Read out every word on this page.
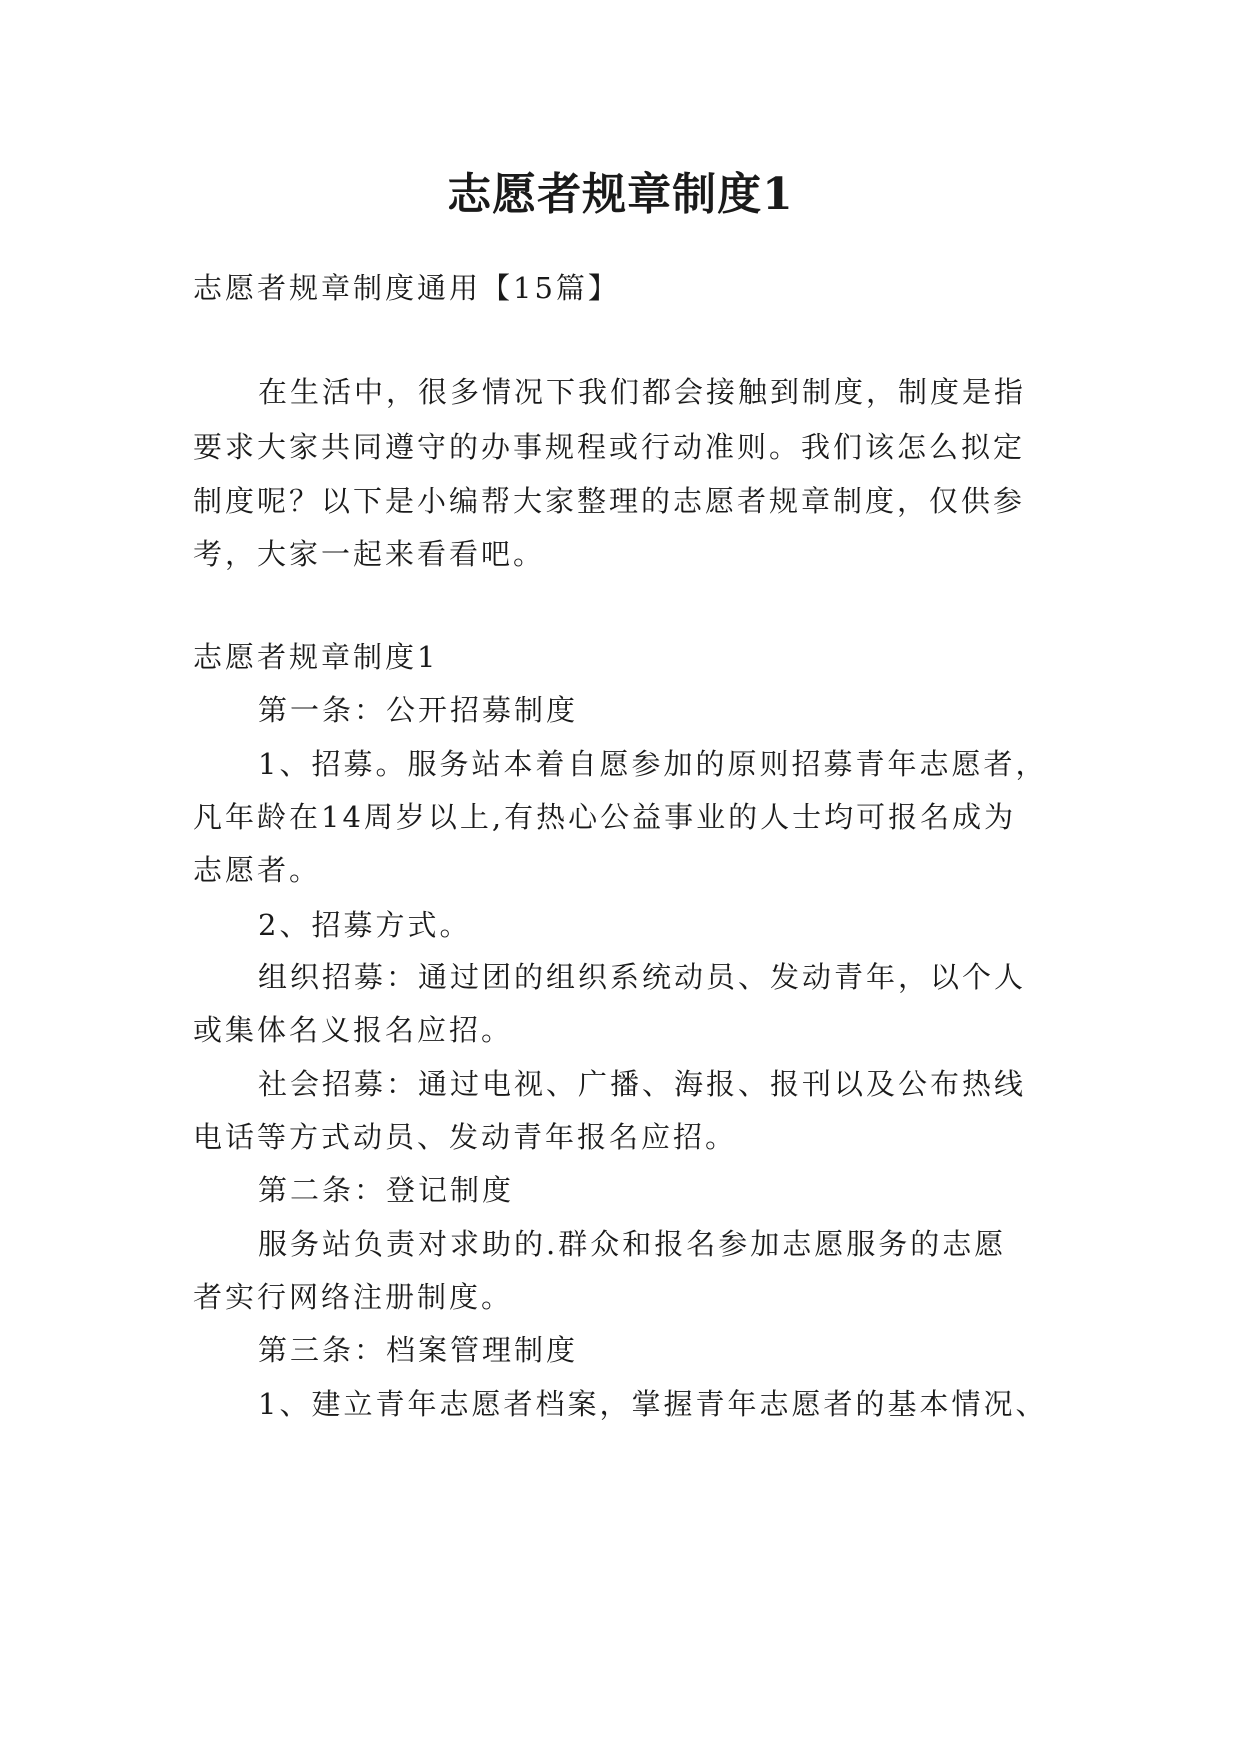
志愿者规章制度1
志愿者规章制度通用【15篇】
在生活中，很多情况下我们都会接触到制度，制度是指
要求大家共同遵守的办事规程或行动准则。我们该怎么拟定
制度呢？以下是小编帮大家整理的志愿者规章制度，仅供参
考，大家一起来看看吧。
志愿者规章制度1
第一条：公开招募制度
1、招募。服务站本着自愿参加的原则招募青年志愿者，
凡年龄在14周岁以上,有热心公益事业的人士均可报名成为
志愿者。
2、招募方式。
组织招募：通过团的组织系统动员、发动青年，以个人
或集体名义报名应招。
社会招募：通过电视、广播、海报、报刊以及公布热线
电话等方式动员、发动青年报名应招。
第二条：登记制度
服务站负责对求助的.群众和报名参加志愿服务的志愿
者实行网络注册制度。
第三条：档案管理制度
1、建立青年志愿者档案，掌握青年志愿者的基本情况、
